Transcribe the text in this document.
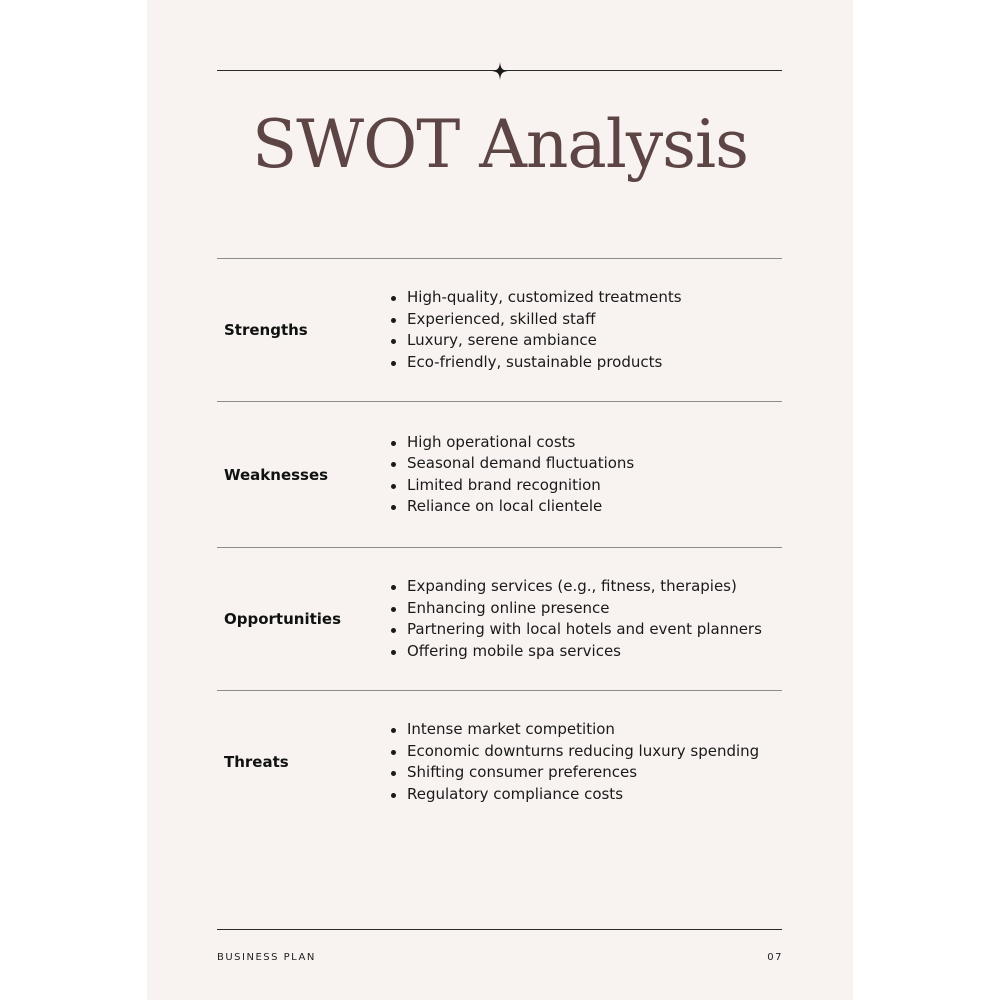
SWOT Analysis
Strengths
High-quality, customized treatments
Experienced, skilled staff
Luxury, serene ambiance
Eco-friendly, sustainable products
Weaknesses
High operational costs
Seasonal demand fluctuations
Limited brand recognition
Reliance on local clientele
Opportunities
Expanding services (e.g., fitness, therapies)
Enhancing online presence
Partnering with local hotels and event planners
Offering mobile spa services
Threats
Intense market competition
Economic downturns reducing luxury spending
Shifting consumer preferences
Regulatory compliance costs
BUSINESS PLAN	07
